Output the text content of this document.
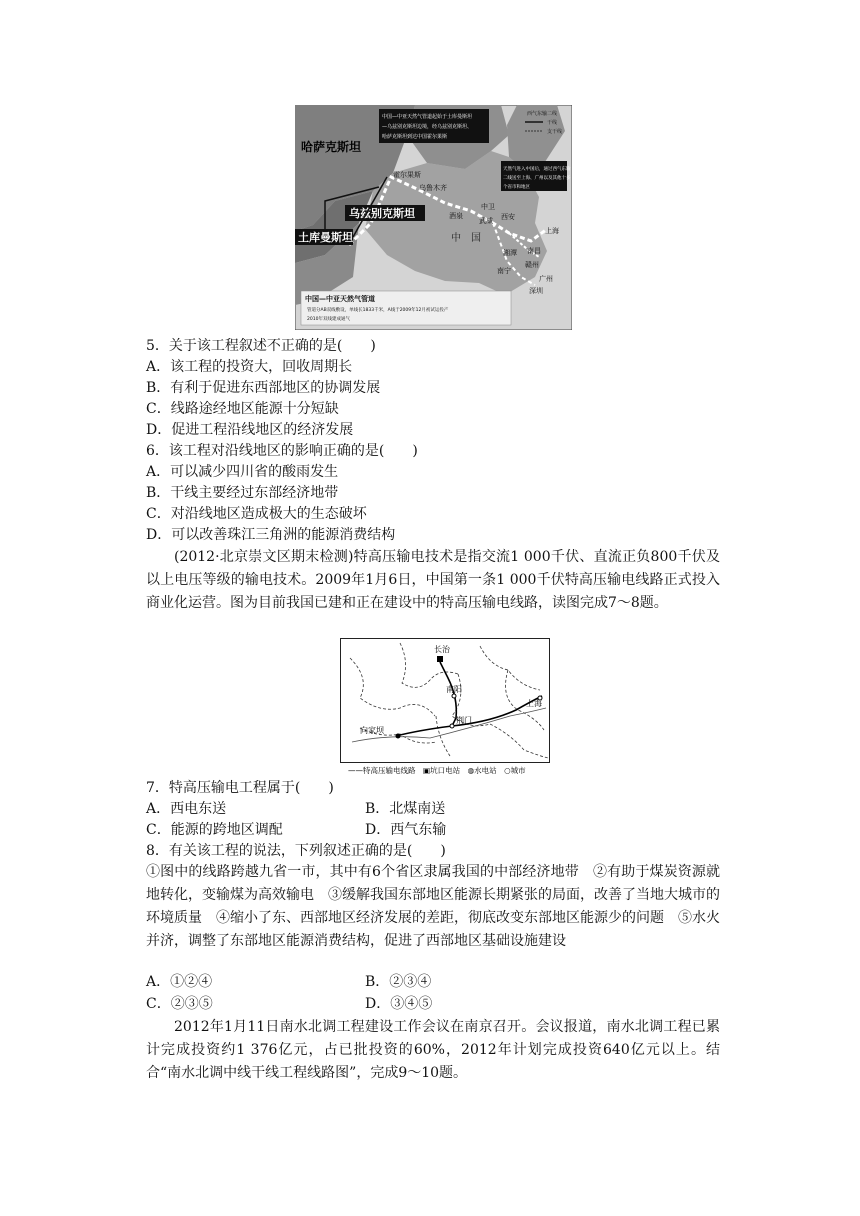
哈萨克斯坦
乌兹别克斯坦
土库曼斯坦	中　国
霍尔果斯
乌鲁木齐
中卫
酒泉
武威 西安
上海
湘潭 南昌
赣州
南宁
广州
深圳
中国—中亚天然气管道起始于土库曼斯坦
—乌兹别克斯坦边境，经乌兹别克斯坦、
哈萨克斯坦到达中国霍尔果斯
天然气进入中国后，通过西气东输
二线送至上海、广州以及其他十多
个省市和地区
西气东输二线
干线
支干线
中国—中亚天然气管道
管道分AB双线敷设，单线长1833千米，A线于2009年12月初试运投产
2010年双线建成通气
5．关于该工程叙述不正确的是(　　)
A．该工程的投资大，回收周期长
B．有利于促进东西部地区的协调发展
C．线路途经地区能源十分短缺
D．促进工程沿线地区的经济发展
6．该工程对沿线地区的影响正确的是(　　)
A．可以减少四川省的酸雨发生
B．干线主要经过东部经济地带
C．对沿线地区造成极大的生态破坏
D．可以改善珠江三角洲的能源消费结构
(2012·北京崇文区期末检测)特高压输电技术是指交流1 000千伏、直流正负800千伏及以上电压等级的输电技术。2009年1月6日，中国第一条1 000千伏特高压输电线路正式投入商业化运营。图为目前我国已建和正在建设中的特高压输电线路，读图完成7～8题。
长治
南阳
上海
荆门
向家坝
——特高压输电线路　▣坑口电站　◍水电站　○城市
7．特高压输电工程属于(　　)
A．西电东送	B．北煤南送
C．能源的跨地区调配	D．西气东输
8．有关该工程的说法，下列叙述正确的是(　　)
①图中的线路跨越九省一市，其中有6个省区隶属我国的中部经济地带　②有助于煤炭资源就地转化，变输煤为高效输电　③缓解我国东部地区能源长期紧张的局面，改善了当地大城市的环境质量　④缩小了东、西部地区经济发展的差距，彻底改变东部地区能源少的问题　⑤水火并济，调整了东部地区能源消费结构，促进了西部地区基础设施建设
A．①②④	B．②③④
C．②③⑤	D．③④⑤
2012年1月11日南水北调工程建设工作会议在南京召开。会议报道，南水北调工程已累计完成投资约1 376亿元，占已批投资的60%，2012年计划完成投资640亿元以上。结合“南水北调中线干线工程线路图”，完成9～10题。
